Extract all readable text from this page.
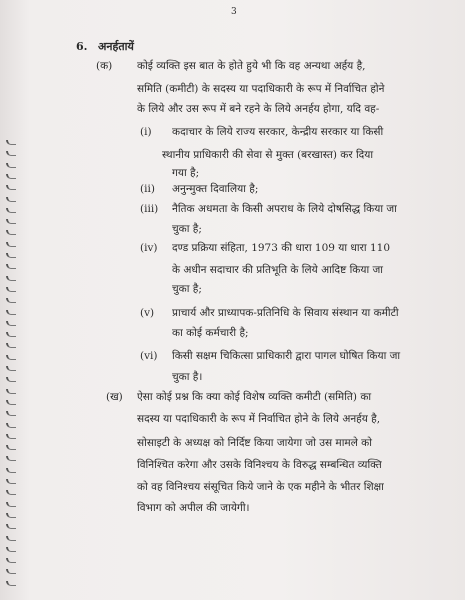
3
6. अनर्हतायें
(क) कोई व्यक्ति इस बात के होते हुये भी कि वह अन्यथा अर्हय है,
समिति (कमीटी) के सदस्य या पदाधिकारी के रूप में निर्वाचित होने
के लिये और उस रूप में बने रहने के लिये अनर्हय होगा, यदि वह-
(i) कदाचार के लिये राज्य सरकार, केन्द्रीय सरकार या किसी
स्थानीय प्राधिकारी की सेवा से मुक्त (बरखास्त) कर दिया
गया है;
(ii) अनुन्मुक्त दिवालिया है;
(iii) नैतिक अधमता के किसी अपराध के लिये दोषसिद्ध किया जा
चुका है;
(iv) दण्ड प्रक्रिया संहिता, 1973 की धारा 109 या धारा 110
के अधीन सदाचार की प्रतिभूति के लिये आदिष्ट किया जा
चुका है;
(v) प्राचार्य और प्राध्यापक-प्रतिनिधि के सिवाय संस्थान या कमीटी
का कोई कर्मचारी है;
(vi) किसी सक्षम चिकित्सा प्राधिकारी द्वारा पागल घोषित किया जा
चुका है।
(ख) ऐसा कोई प्रश्न कि क्या कोई विशेष व्यक्ति कमीटी (समिति) का
सदस्य या पदाधिकारी के रूप में निर्वाचित होने के लिये अनर्हय है,
सोसाइटी के अध्यक्ष को निर्दिष्ट किया जायेगा जो उस मामले को
विनिश्चित करेगा और उसके विनिश्चय के विरुद्ध सम्बन्धित व्यक्ति
को वह विनिश्चय संसूचित किये जाने के एक महीने के भीतर शिक्षा
विभाग को अपील की जायेगी।
